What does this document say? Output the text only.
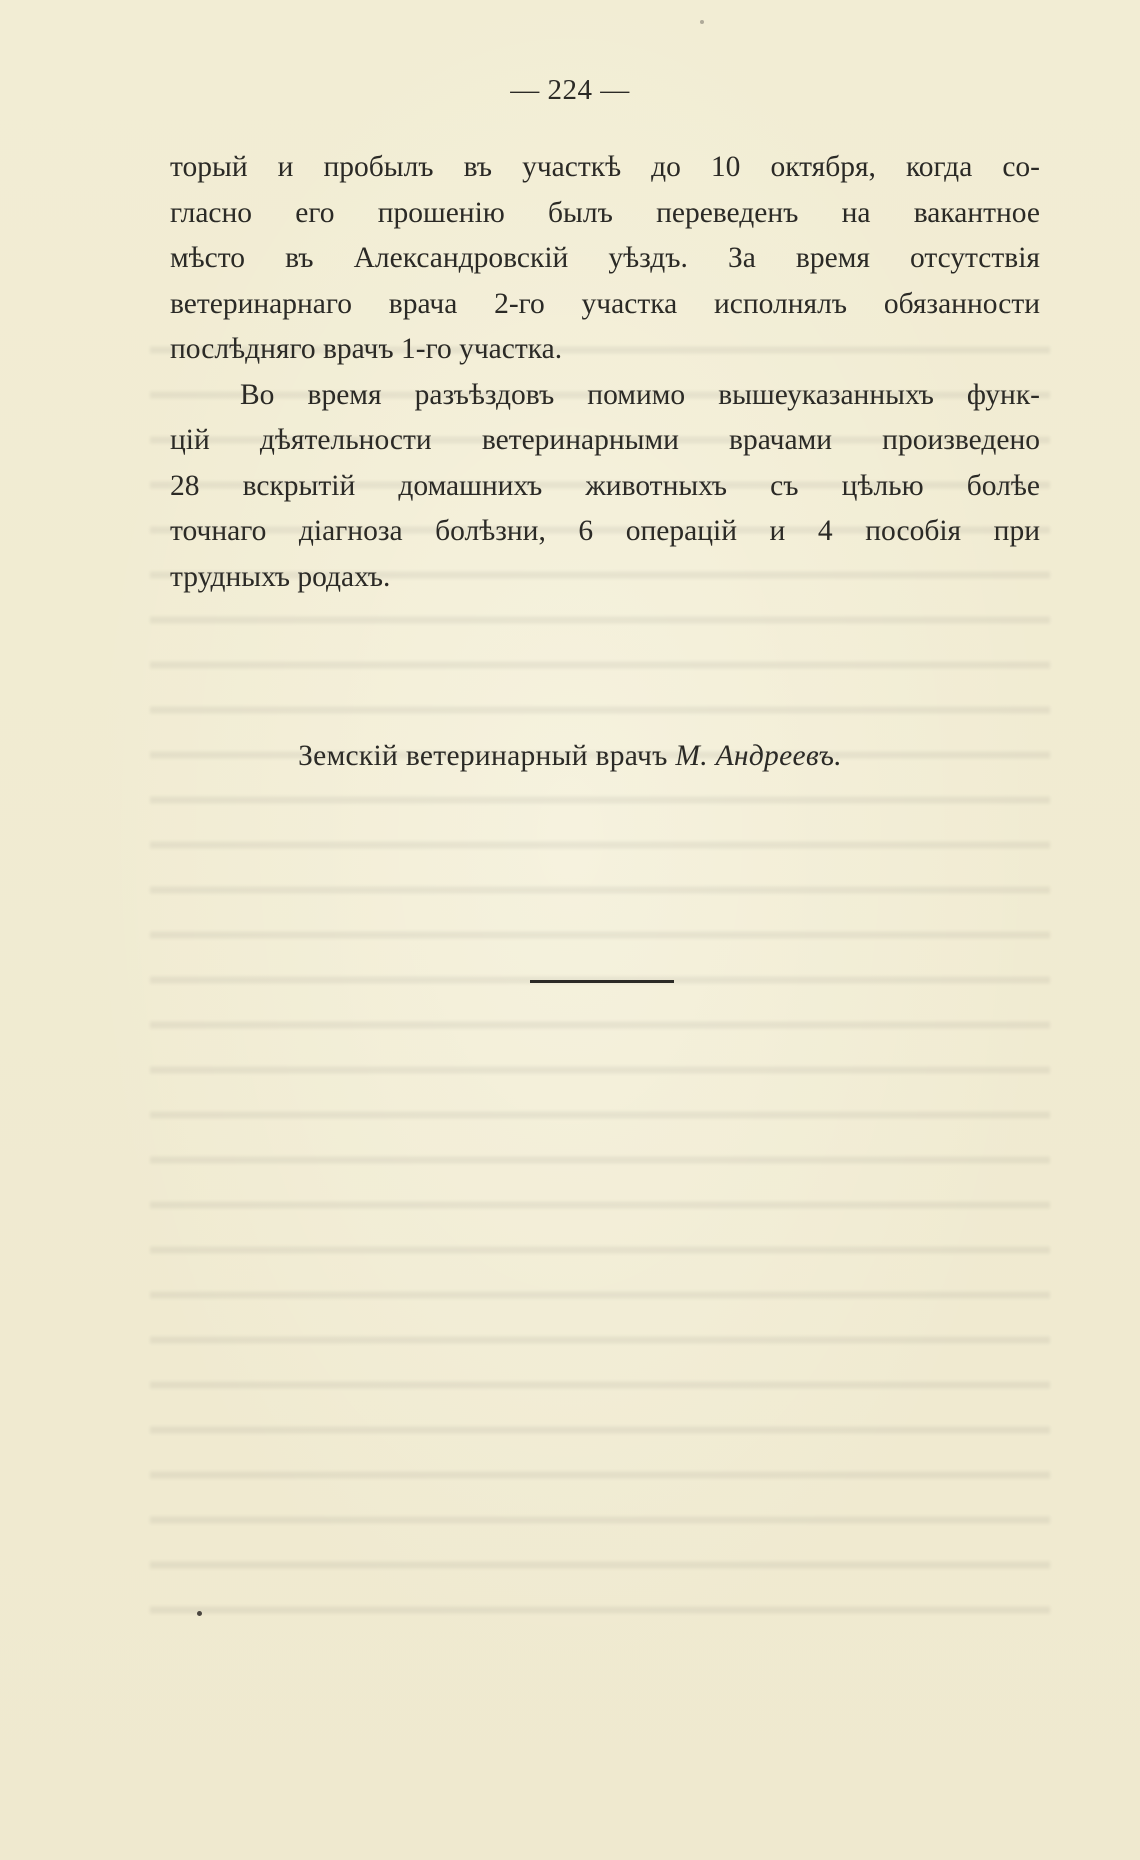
— 224 —

торый и пробылъ въ участкѣ до 10 октября, когда со-
гласно его прошенію былъ переведенъ на вакантное
мѣсто въ Александровскій уѣздъ. За время отсутствія
ветеринарнаго врача 2-го участка исполнялъ обязанности
послѣдняго врачъ 1-го участка.

Во время разъѣздовъ помимо вышеуказанныхъ функ-
цій дѣятельности ветеринарными врачами произведено
28 вскрытій домашнихъ животныхъ съ цѣлью болѣе
точнаго діагноза болѣзни, 6 операцій и 4 пособія при
трудныхъ родахъ.

Земскій ветеринарный врачъ М. Андреевъ.
